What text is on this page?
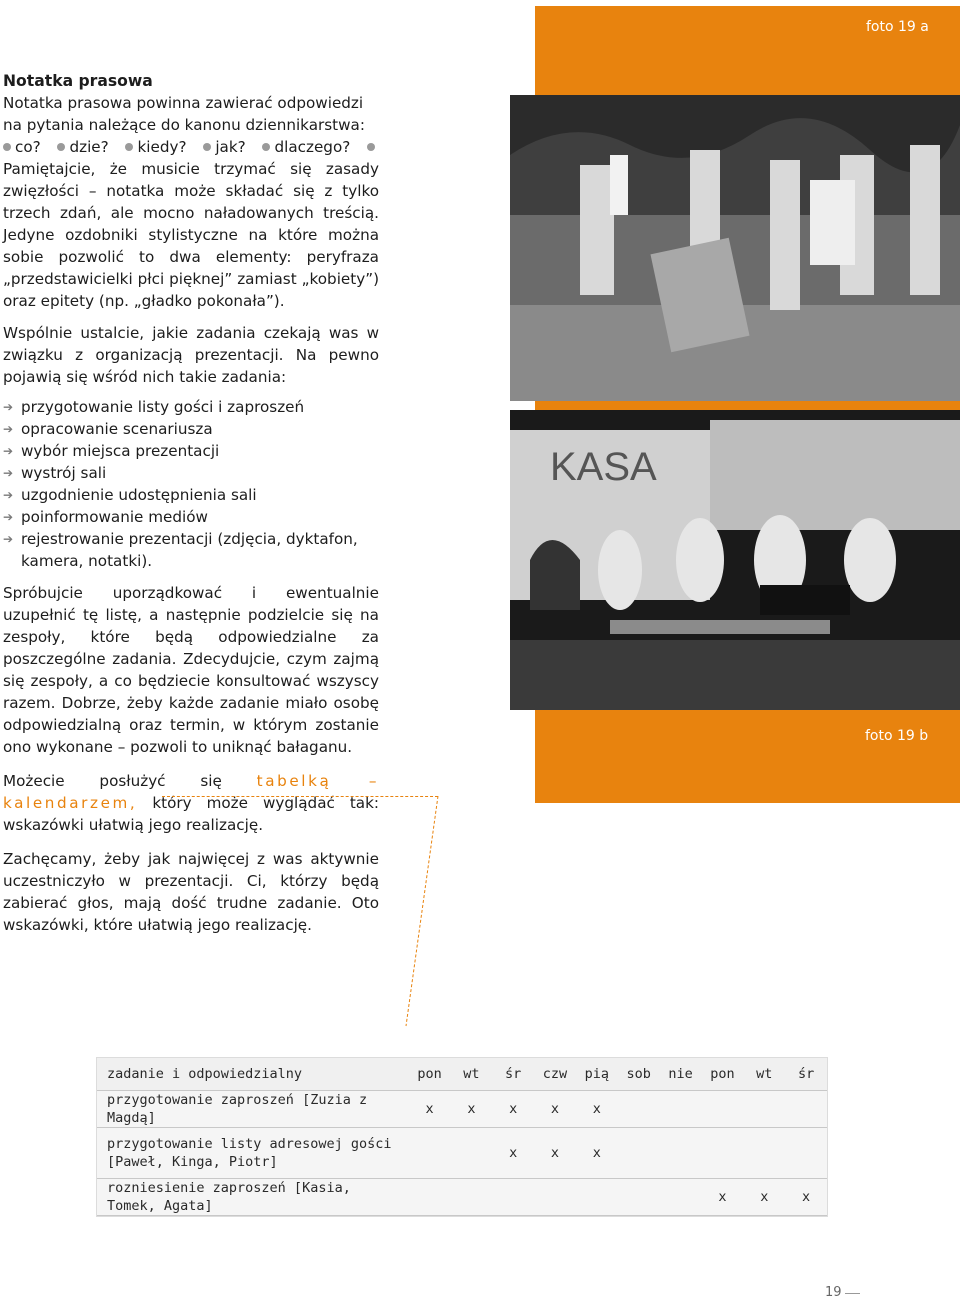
foto 19 a
foto 19 b
KASA

Notatka prasowa

Notatka prasowa powinna zawierać odpowiedzi na pytania należące do kanonu dziennikarstwa:

co? dzie? kiedy? jak? dlaczego? Pamiętajcie, że musicie trzymać się zasady zwięzłości – notatka może składać się z tylko trzech zdań, ale mocno naładowanych treścią. Jedyne ozdobniki stylistyczne na które można sobie pozwolić to dwa elementy: peryfraza „przedstawicielki płci pięknej” zamiast „kobiety”) oraz epitety (np. „gładko pokonała”).

Wspólnie ustalcie, jakie zadania czekają was w związku z organizacją prezentacji. Na pewno pojawią się wśród nich takie zadania:

➔ przygotowanie listy gości i zaproszeń
➔ opracowanie scenariusza
➔ wybór miejsca prezentacji
➔ wystrój sali
➔ uzgodnienie udostępnienia sali
➔ poinformowanie mediów
➔ rejestrowanie prezentacji (zdjęcia, dyktafon, kamera, notatki).

Spróbujcie uporządkować i ewentualnie uzupełnić tę listę, a następnie podzielcie się na zespoły, które będą odpowiedzialne za poszczególne zadania. Zdecydujcie, czym zajmą się zespoły, a co będziecie konsultować wszyscy razem. Dobrze, żeby każde zadanie miało osobę odpowiedzialną oraz termin, w którym zostanie ono wykonane – pozwoli to uniknąć bałaganu.

Możecie posłużyć się tabelką – kalendarzem, który może wyglądać tak: wskazówki ułatwią jego realizację.

Zachęcamy, żeby jak najwięcej z was aktywnie uczestniczyło w prezentacji. Ci, którzy będą zabierać głos, mają dość trudne zadanie. Oto wskazówki, które ułatwią jego realizację.

zadanie i odpowiedzialny	pon	wt	śr	czw	pią	sob	nie	pon	wt	śr
przygotowanie zaproszeń [Zuzia z Magdą]	x	x	x	x	x					
przygotowanie listy adresowej gości [Paweł, Kinga, Piotr]			x	x	x					
rozniesienie zaproszeń [Kasia, Tomek, Agata]								x	x	x
19
